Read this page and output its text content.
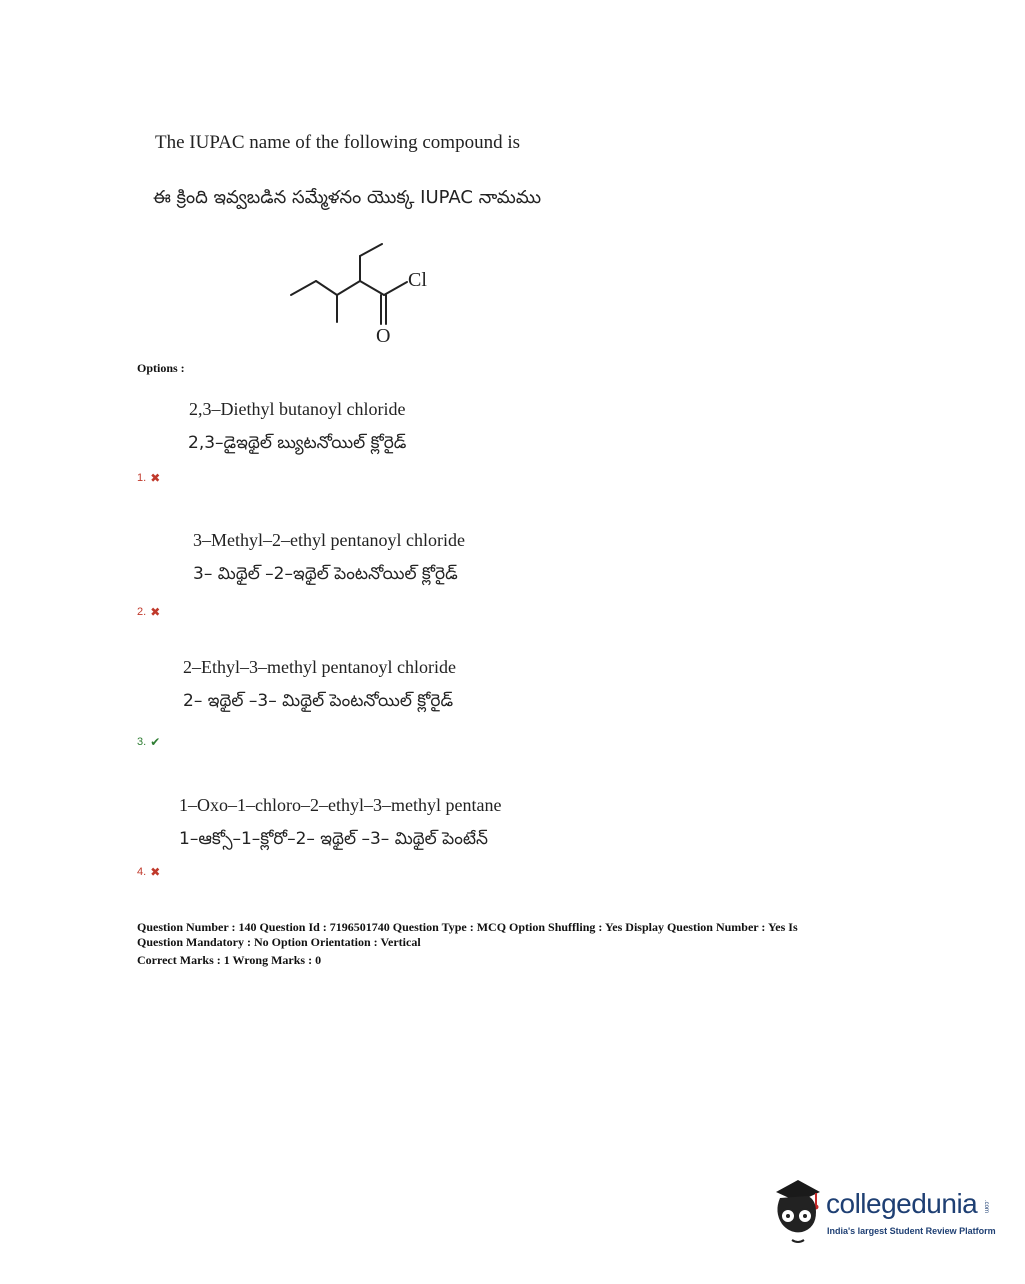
The IUPAC name of the following compound is
ఈ క్రింది ఇవ్వబడిన సమ్మేళనం యొక్క IUPAC నామము
Cl
O
Options :
2,3–Diethyl butanoyl chloride
2,3–డైఇథైల్ బ్యుటనోయిల్ క్లోరైడ్
1. ✖
3–Methyl–2–ethyl pentanoyl chloride
3– మిథైల్ –2–ఇథైల్ పెంటనోయిల్ క్లోరైడ్
2. ✖
2–Ethyl–3–methyl pentanoyl chloride
2– ఇథైల్ –3– మిథైల్ పెంటనోయిల్ క్లోరైడ్
3. ✔
1–Oxo–1–chloro–2–ethyl–3–methyl pentane
1–ఆక్సో–1–క్లోరో–2– ఇథైల్ –3– మిథైల్ పెంటేన్
4. ✖
Question Number : 140 Question Id : 7196501740 Question Type : MCQ Option Shuffling : Yes Display Question Number : Yes Is
Question Mandatory : No Option Orientation : Vertical
Correct Marks : 1 Wrong Marks : 0
collegedunia .com
India's largest Student Review Platform
